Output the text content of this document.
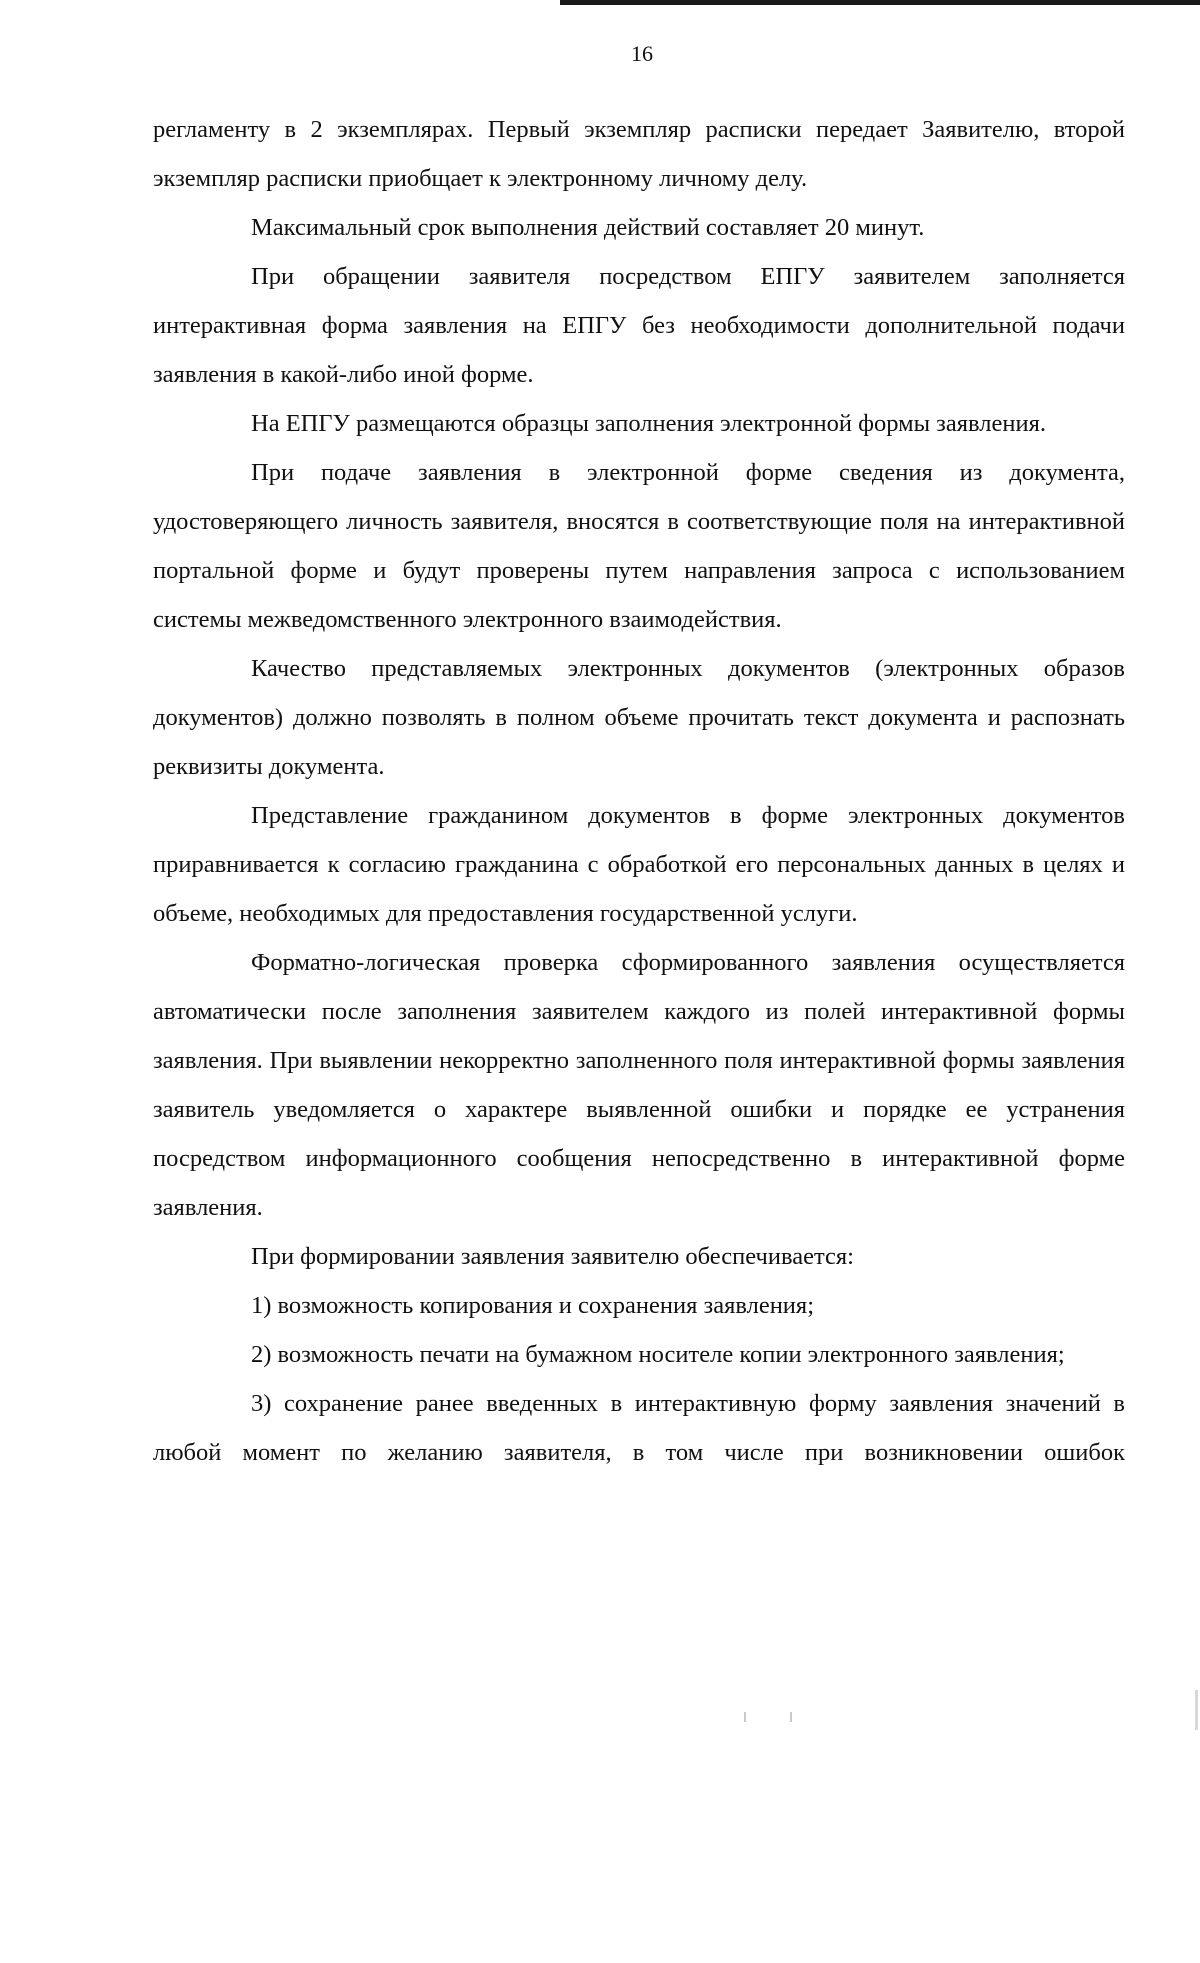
16

регламенту в 2 экземплярах. Первый экземпляр расписки передает Заявителю, второй экземпляр расписки приобщает к электронному личному делу.

Максимальный срок выполнения действий составляет 20 минут.

При обращении заявителя посредством ЕПГУ заявителем заполняется интерактивная форма заявления на ЕПГУ без необходимости дополнительной подачи заявления в какой-либо иной форме.

На ЕПГУ размещаются образцы заполнения электронной формы заявления.

При подаче заявления в электронной форме сведения из документа, удостоверяющего личность заявителя, вносятся в соответствующие поля на интерактивной портальной форме и будут проверены путем направления запроса с использованием системы межведомственного электронного взаимодействия.

Качество представляемых электронных документов (электронных образов документов) должно позволять в полном объеме прочитать текст документа и распознать реквизиты документа.

Представление гражданином документов в форме электронных документов приравнивается к согласию гражданина с обработкой его персональных данных в целях и объеме, необходимых для предоставления государственной услуги.

Форматно-логическая проверка сформированного заявления осуществляется автоматически после заполнения заявителем каждого из полей интерактивной формы заявления. При выявлении некорректно заполненного поля интерактивной формы заявления заявитель уведомляется о характере выявленной ошибки и порядке ее устранения посредством информационного сообщения непосредственно в интерактивной форме заявления.

При формировании заявления заявителю обеспечивается:

1) возможность копирования и сохранения заявления;

2) возможность печати на бумажном носителе копии электронного заявления;

3) сохранение ранее введенных в интерактивную форму заявления значений в любой момент по желанию заявителя, в том числе при возникновении ошибок
